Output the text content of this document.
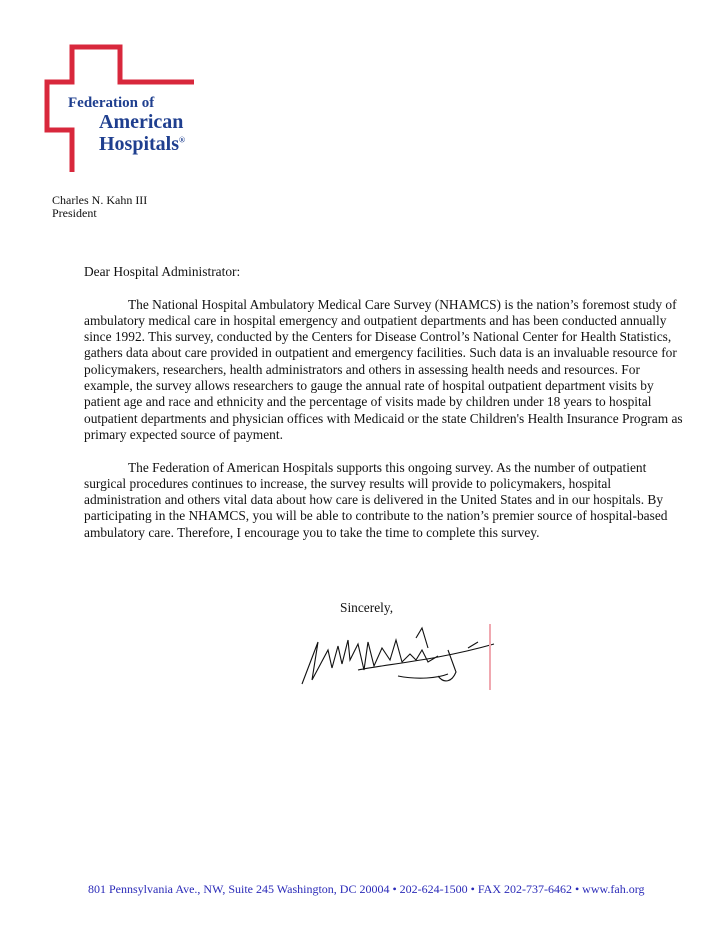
Federation of
American
Hospitals®
Charles N. Kahn III
President

Dear Hospital Administrator:

The National Hospital Ambulatory Medical Care Survey (NHAMCS) is the nation’s foremost study of ambulatory medical care in hospital emergency and outpatient departments and has been conducted annually since 1992. This survey, conducted by the Centers for Disease Control’s National Center for Health Statistics, gathers data about care provided in outpatient and emergency facilities. Such data is an invaluable resource for policymakers, researchers, health administrators and others in assessing health needs and resources. For example, the survey allows researchers to gauge the annual rate of hospital outpatient department visits by patient age and race and ethnicity and the percentage of visits made by children under 18 years to hospital outpatient departments and physician offices with Medicaid or the state Children's Health Insurance Program as primary expected source of payment.

The Federation of American Hospitals supports this ongoing survey. As the number of outpatient surgical procedures continues to increase, the survey results will provide to policymakers, hospital administration and others vital data about how care is delivered in the United States and in our hospitals. By participating in the NHAMCS, you will be able to contribute to the nation’s premier source of hospital-based ambulatory care. Therefore, I encourage you to take the time to complete this survey.

Sincerely,
801 Pennsylvania Ave., NW, Suite 245 Washington, DC 20004 • 202-624-1500 • FAX 202-737-6462 • www.fah.org
